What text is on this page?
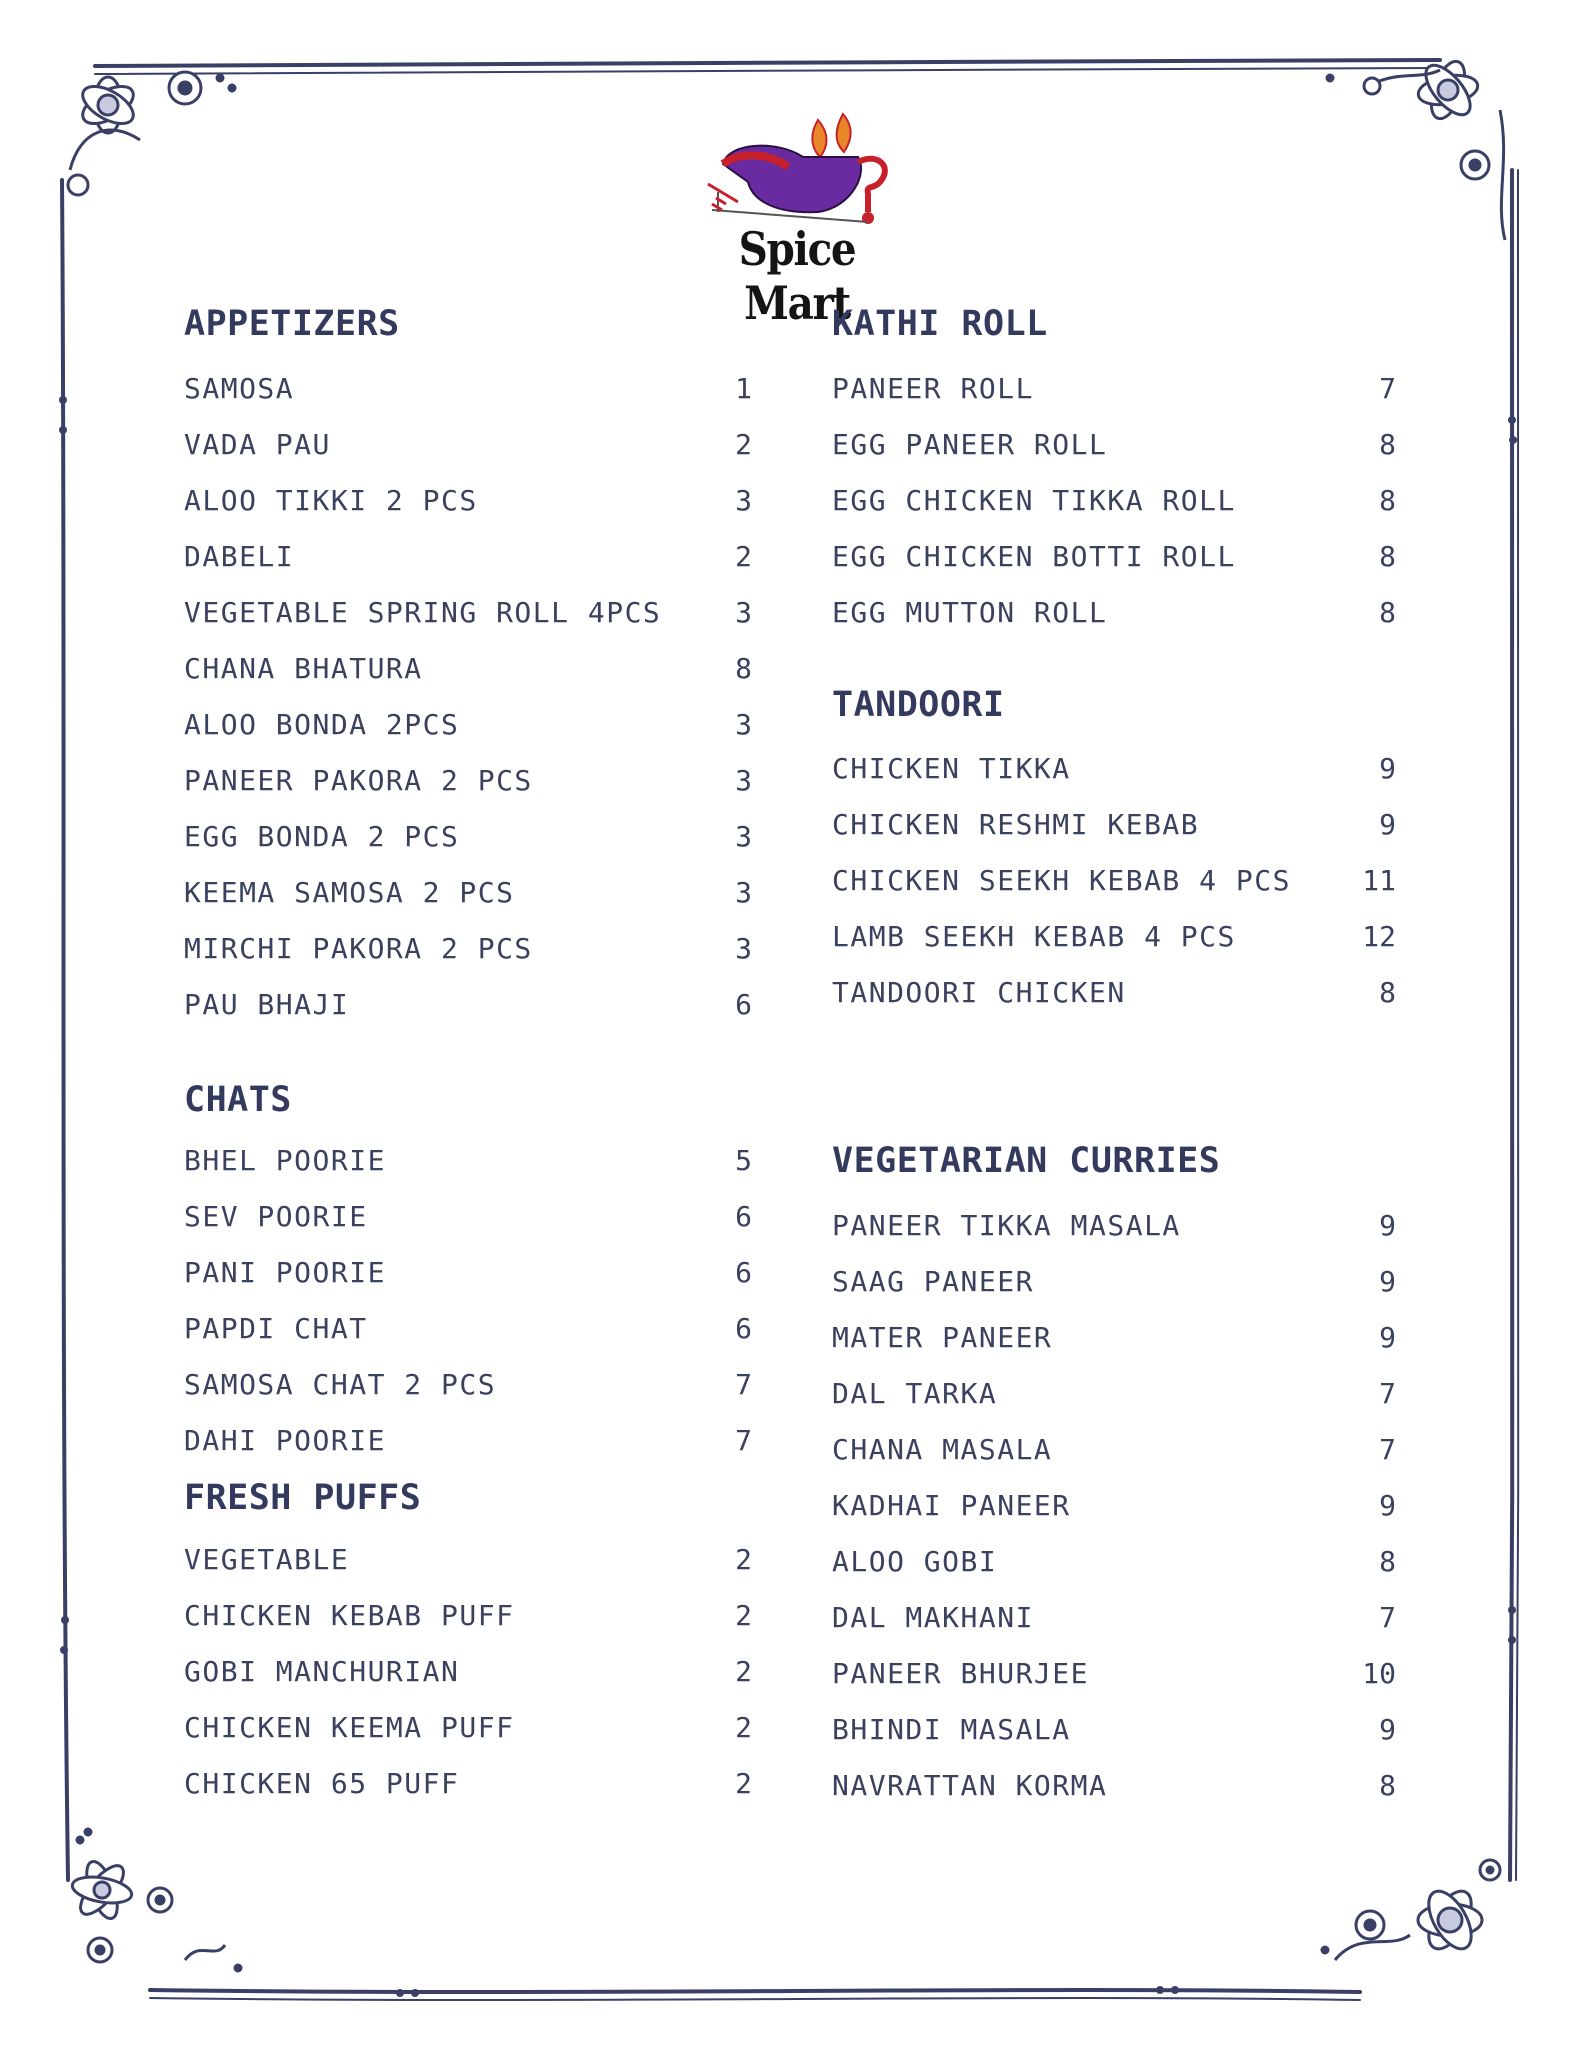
Spice Mart
APPETIZERS
SAMOSA	1
VADA PAU	2
ALOO TIKKI 2 PCS	3
DABELI	2
VEGETABLE SPRING ROLL 4PCS	3
CHANA BHATURA	8
ALOO BONDA 2PCS	3
PANEER PAKORA 2 PCS	3
EGG BONDA 2 PCS	3
KEEMA SAMOSA 2 PCS	3
MIRCHI PAKORA 2 PCS	3
PAU BHAJI	6
CHATS
BHEL POORIE	5
SEV POORIE	6
PANI POORIE	6
PAPDI CHAT	6
SAMOSA CHAT 2 PCS	7
DAHI POORIE	7
FRESH PUFFS
VEGETABLE	2
CHICKEN KEBAB PUFF	2
GOBI MANCHURIAN	2
CHICKEN KEEMA PUFF	2
CHICKEN 65 PUFF	2
KATHI ROLL
PANEER ROLL	7
EGG PANEER ROLL	8
EGG CHICKEN TIKKA ROLL	8
EGG CHICKEN BOTTI ROLL	8
EGG MUTTON ROLL	8
TANDOORI
CHICKEN TIKKA	9
CHICKEN RESHMI KEBAB	9
CHICKEN SEEKH KEBAB 4 PCS	11
LAMB SEEKH KEBAB 4 PCS	12
TANDOORI CHICKEN	8
VEGETARIAN CURRIES
PANEER TIKKA MASALA	9
SAAG PANEER	9
MATER PANEER	9
DAL TARKA	7
CHANA MASALA	7
KADHAI PANEER	9
ALOO GOBI	8
DAL MAKHANI	7
PANEER BHURJEE	10
BHINDI MASALA	9
NAVRATTAN KORMA	8
